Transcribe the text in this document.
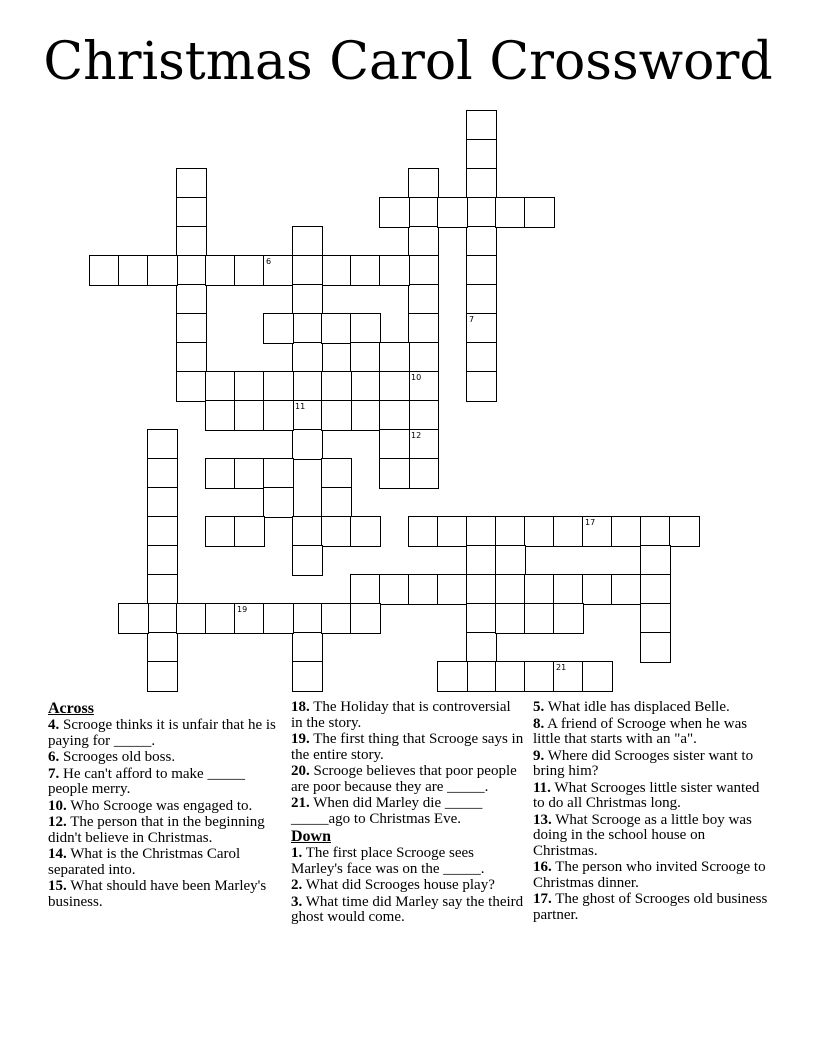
Christmas Carol Crossword
7
10
12
6
11
17
19
21
Across
4. Scrooge thinks it is unfair that he is paying for _____.
6. Scrooges old boss.
7. He can't afford to make _____ people merry.
10. Who Scrooge was engaged to.
12. The person that in the beginning didn't believe in Christmas.
14. What is the Christmas Carol separated into.
15. What should have been Marley's business.
18. The Holiday that is controversial in the story.
19. The first thing that Scrooge says in the entire story.
20. Scrooge believes that poor people are poor because they are _____.
21. When did Marley die _____ _____ago to Christmas Eve.
Down
1. The first place Scrooge sees Marley's face was on the _____.
2. What did Scrooges house play?
3. What time did Marley say the theird ghost would come.
5. What idle has displaced Belle.
8. A friend of Scrooge when he was little that starts with an "a".
9. Where did Scrooges sister want to bring him?
11. What Scrooges little sister wanted to do all Christmas long.
13. What Scrooge as a little boy was doing in the school house on Christmas.
16. The person who invited Scrooge to Christmas dinner.
17. The ghost of Scrooges old business partner.
